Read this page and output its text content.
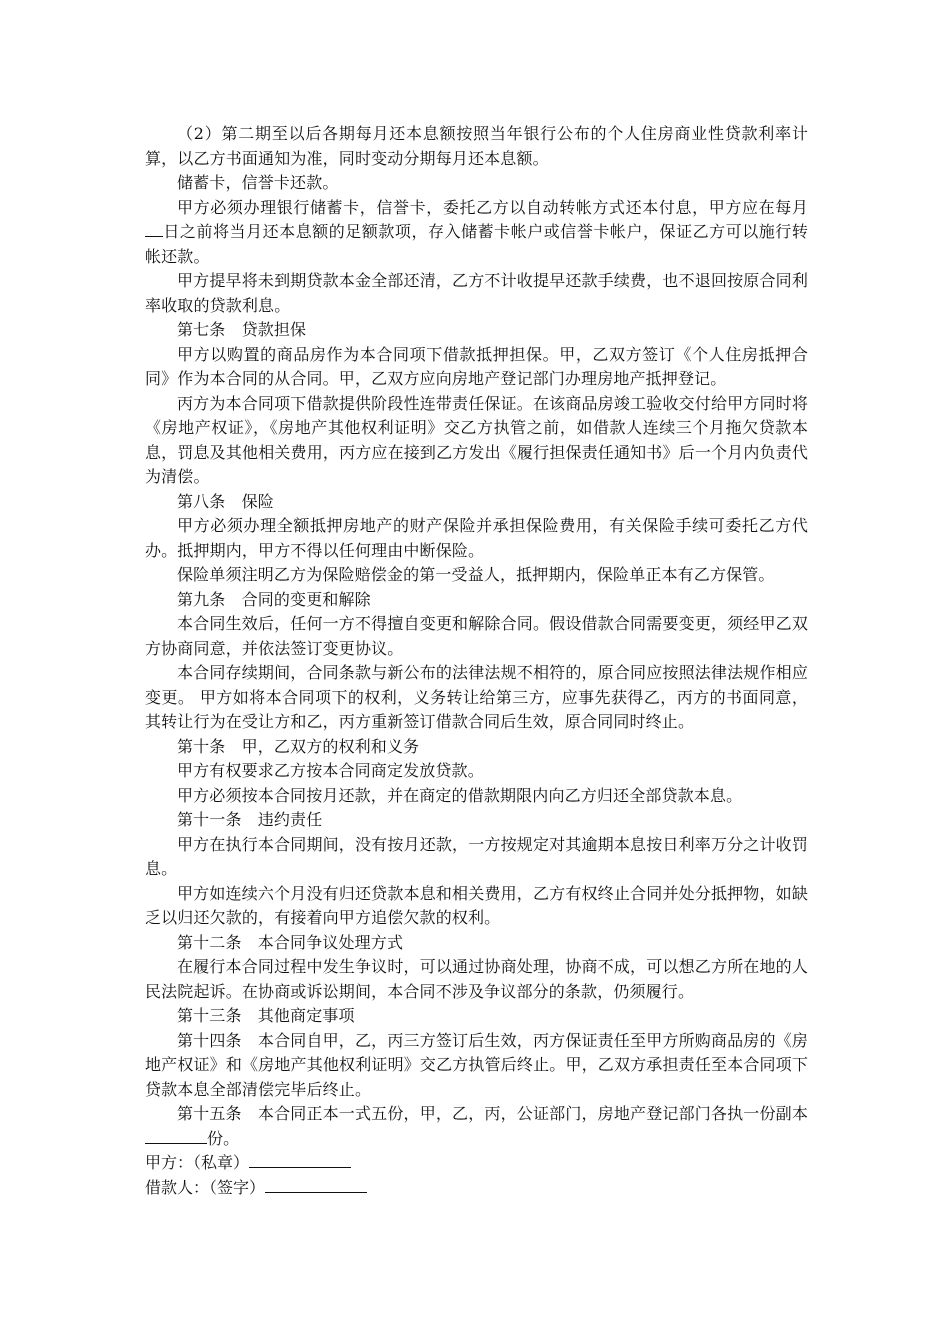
（2）第二期至以后各期每月还本息额按照当年银行公布的个人住房商业性贷款利率计算，以乙方书面通知为准，同时变动分期每月还本息额。

储蓄卡，信誉卡还款。

甲方必须办理银行储蓄卡，信誉卡，委托乙方以自动转帐方式还本付息，甲方应在每月日之前将当月还本息额的足额款项，存入储蓄卡帐户或信誉卡帐户，保证乙方可以施行转帐还款。

甲方提早将未到期贷款本金全部还清，乙方不计收提早还款手续费，也不退回按原合同利率收取的贷款利息。

第七条　贷款担保

甲方以购置的商品房作为本合同项下借款抵押担保。甲，乙双方签订《个人住房抵押合同》作为本合同的从合同。甲，乙双方应向房地产登记部门办理房地产抵押登记。

丙方为本合同项下借款提供阶段性连带责任保证。在该商品房竣工验收交付给甲方同时将《房地产权证》，《房地产其他权利证明》交乙方执管之前，如借款人连续三个月拖欠贷款本息，罚息及其他相关费用，丙方应在接到乙方发出《履行担保责任通知书》后一个月内负责代为清偿。

第八条　保险

甲方必须办理全额抵押房地产的财产保险并承担保险费用，有关保险手续可委托乙方代办。抵押期内，甲方不得以任何理由中断保险。

保险单须注明乙方为保险赔偿金的第一受益人，抵押期内，保险单正本有乙方保管。

第九条　合同的变更和解除

本合同生效后，任何一方不得擅自变更和解除合同。假设借款合同需要变更，须经甲乙双方协商同意，并依法签订变更协议。

本合同存续期间，合同条款与新公布的法律法规不相符的，原合同应按照法律法规作相应变更。 甲方如将本合同项下的权利，义务转让给第三方，应事先获得乙，丙方的书面同意，其转让行为在受让方和乙，丙方重新签订借款合同后生效，原合同同时终止。

第十条　甲，乙双方的权利和义务

甲方有权要求乙方按本合同商定发放贷款。

甲方必须按本合同按月还款，并在商定的借款期限内向乙方归还全部贷款本息。

第十一条　违约责任

甲方在执行本合同期间，没有按月还款，一方按规定对其逾期本息按日利率万分之计收罚息。

甲方如连续六个月没有归还贷款本息和相关费用，乙方有权终止合同并处分抵押物，如缺乏以归还欠款的，有接着向甲方追偿欠款的权利。

第十二条　本合同争议处理方式

在履行本合同过程中发生争议时，可以通过协商处理，协商不成，可以想乙方所在地的人民法院起诉。在协商或诉讼期间，本合同不涉及争议部分的条款，仍须履行。

第十三条　其他商定事项

第十四条　本合同自甲，乙，丙三方签订后生效，丙方保证责任至甲方所购商品房的《房地产权证》和《房地产其他权利证明》交乙方执管后终止。甲，乙双方承担责任至本合同项下贷款本息全部清偿完毕后终止。

第十五条　本合同正本一式五份，甲，乙，丙，公证部门，房地产登记部门各执一份副本份。

甲方：（私章）

借款人：（签字）
